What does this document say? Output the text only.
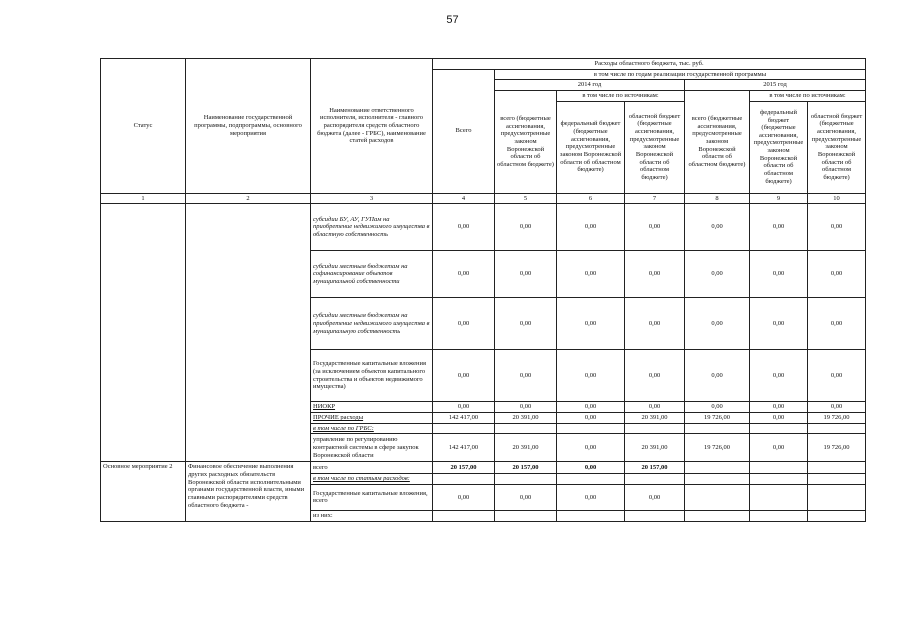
57
Статус	Наименование государственной программы, подпрограммы, основного мероприятия	Наименование ответственного исполнителя, исполнителя - главного распорядителя средств областного бюджета (далее - ГРБС), наименование статей расходов	Расходы областного бюджета, тыс. руб.						
			Всего	в том числе по годам реализации государственной программы					
				2014 год			2015 год		
				всего (бюджетные ассигнования, предусмотренные законом Воронежской области об областном бюджете)	в том числе по источникам:		всего (бюджетные ассигнования, предусмотренные законом Воронежской области об областном бюджете)	в том числе по источникам:	
					федеральный бюджет (бюджетные ассигнования, предусмотренные законом Воронежской области об областном бюджете)	областной бюджет (бюджетные ассигнования, предусмотренные законом Воронежской области об областном бюджете)		федеральный бюджет (бюджетные ассигнования, предусмотренные законом Воронежской области об областном бюджете)	областной бюджет (бюджетные ассигнования, предусмотренные законом Воронежской области об областном бюджете)
1	2	3	4	5	6	7	8	9	10
		субсидии БУ, АУ, ГУПам на приобретение недвижимого имущества в областную собственность	0,00	0,00	0,00	0,00	0,00	0,00	0,00
		субсидии местным бюджетам на софинансирование объектов муниципальной собственности	0,00	0,00	0,00	0,00	0,00	0,00	0,00
		субсидии местным бюджетам на приобретение недвижимого имущества в муниципальную собственность	0,00	0,00	0,00	0,00	0,00	0,00	0,00
		Государственные капитальные вложения (за исключением объектов капитального строительства и объектов недвижимого имущества)	0,00	0,00	0,00	0,00	0,00	0,00	0,00
		НИОКР	0,00	0,00	0,00	0,00	0,00	0,00	0,00
		ПРОЧИЕ расходы	142 417,00	20 391,00	0,00	20 391,00	19 726,00	0,00	19 726,00
		в том числе по ГРБС:							
		управление по регулированию контрактной системы в сфере закупок Воронежской области	142 417,00	20 391,00	0,00	20 391,00	19 726,00	0,00	19 726,00
Основное мероприятие 2	Финансовое обеспечение выполнения других расходных обязательств Воронежской области исполнительными органами государственной власти, иными главными распорядителями средств областного бюджета -	всего	20 157,00	20 157,00	0,00	20 157,00			
		в том числе по статьям расходов:							
		Государственные капитальные вложения, всего	0,00	0,00	0,00	0,00			
		из них:							
